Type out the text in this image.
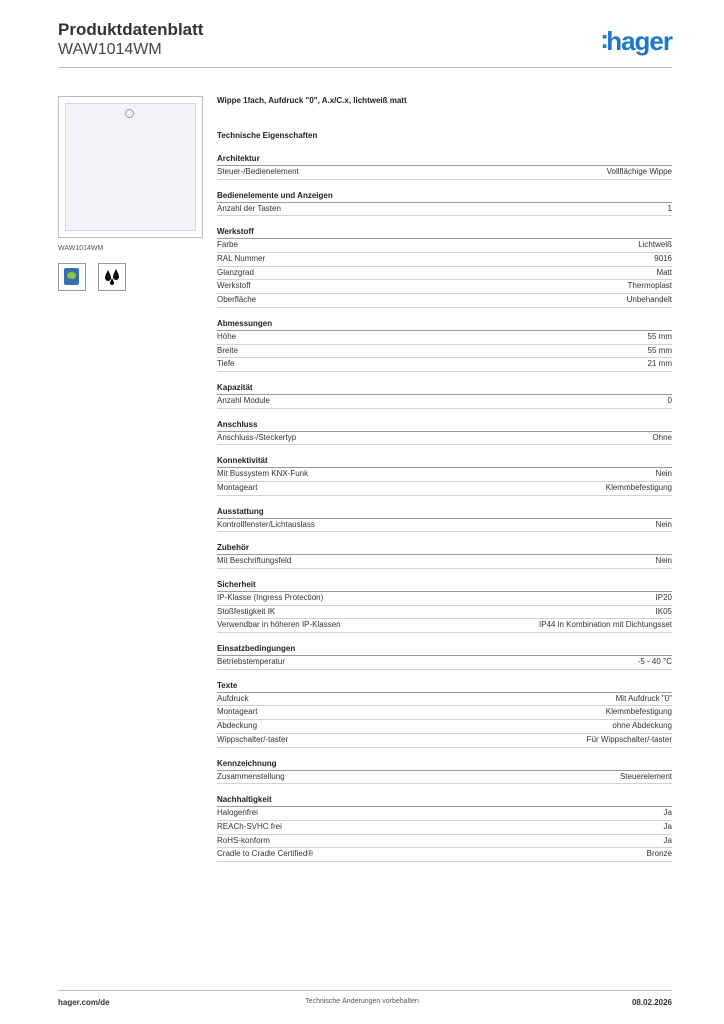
Produktdatenblatt
WAW1014WM	:hager
WAW1014WM

Wippe 1fach, Aufdruck "0", A.x/C.x, lichtweiß matt
Technische Eigenschaften
Architektur
Steuer-/Bedienelement	Vollflächige Wippe
Bedienelemente und Anzeigen
Anzahl der Tasten	1
Werkstoff
Farbe	Lichtweiß
RAL Nummer	9016
Glanzgrad	Matt
Werkstoff	Thermoplast
Oberfläche	Unbehandelt
Abmessungen
Höhe	55 mm
Breite	55 mm
Tiefe	21 mm
Kapazität
Anzahl Module	0
Anschluss
Anschluss-/Steckertyp	Ohne
Konnektivität
Mit Bussystem KNX-Funk	Nein
Montageart	Klemmbefestigung
Ausstattung
Kontrollfenster/Lichtauslass	Nein
Zubehör
Mit Beschriftungsfeld	Nein
Sicherheit
IP-Klasse (Ingress Protection)	IP20
Stoßfestigkeit IK	IK05
Verwendbar in höheren IP-Klassen	IP44 in Kombination mit Dichtungsset
Einsatzbedingungen
Betriebstemperatur	-5 - 40 °C
Texte
Aufdruck	Mit Aufdruck "0"
Montageart	Klemmbefestigung
Abdeckung	ohne Abdeckung
Wippschalter/-taster	Für Wippschalter/-taster
Kennzeichnung
Zusammenstellung	Steuerelement
Nachhaltigkeit
Halogenfrei	Ja
REACh-SVHC frei	Ja
RoHS-konform	Ja
Cradle to Cradle Certified®	Bronze
hager.com/de	Technische Änderungen vorbehalten	08.02.2026
